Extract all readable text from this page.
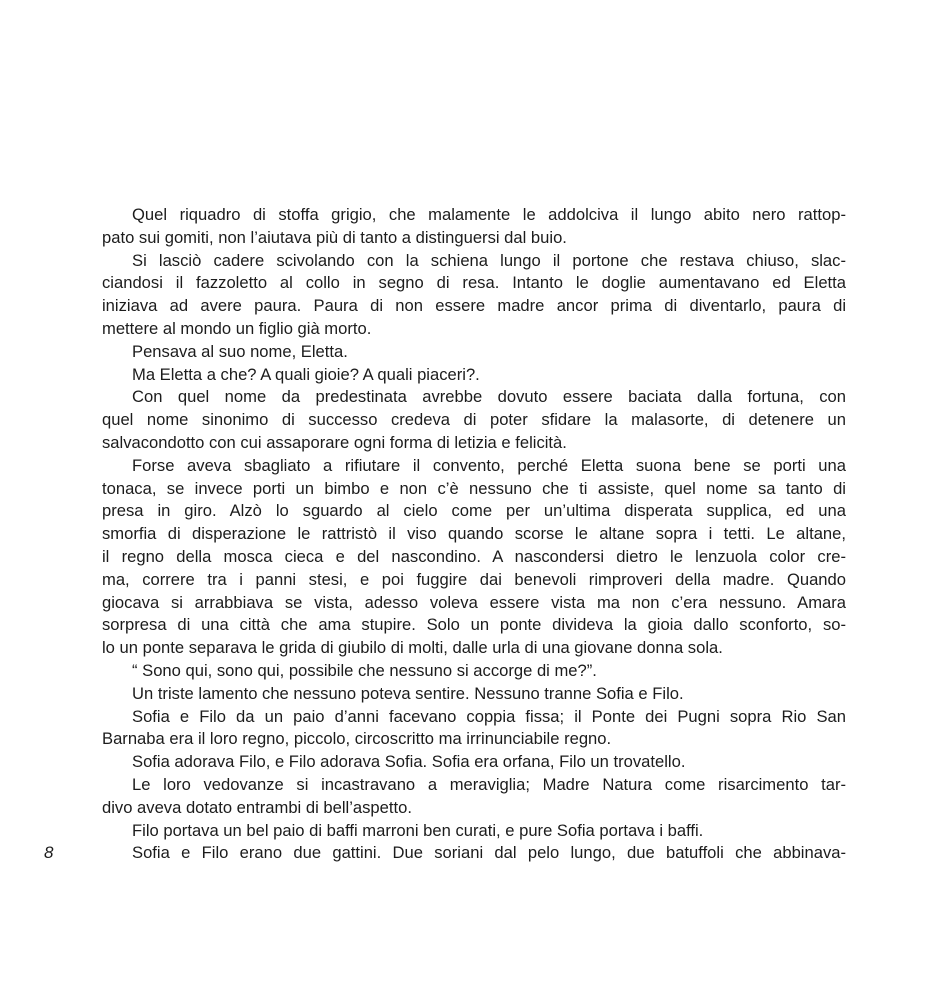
Quel riquadro di stoffa grigio, che malamente le addolciva il lungo abito nero rattop-
pato sui gomiti, non l’aiutava più di tanto a distinguersi dal buio.
Si lasciò cadere scivolando con la schiena lungo il portone che restava chiuso, slac-
ciandosi il fazzoletto al collo in segno di resa. Intanto le doglie aumentavano ed Eletta
iniziava ad avere paura. Paura di non essere madre ancor prima di diventarlo, paura di
mettere al mondo un figlio già morto.
Pensava al suo nome, Eletta.
Ma Eletta a che? A quali gioie? A quali piaceri?.
Con quel nome da predestinata avrebbe dovuto essere baciata dalla fortuna, con
quel nome sinonimo di successo credeva di poter sfidare la malasorte, di detenere un
salvacondotto con cui assaporare ogni forma di letizia e felicità.
Forse aveva sbagliato a rifiutare il convento, perché Eletta suona bene se porti una
tonaca, se invece porti un bimbo e non c’è nessuno che ti assiste, quel nome sa tanto di
presa in giro. Alzò lo sguardo al cielo come per un’ultima disperata supplica, ed una
smorfia di disperazione le rattristò il viso quando scorse le altane sopra i tetti. Le altane,
il regno della mosca cieca e del nascondino. A nascondersi dietro le lenzuola color cre-
ma, correre tra i panni stesi, e poi fuggire dai benevoli rimproveri della madre. Quando
giocava si arrabbiava se vista, adesso voleva essere vista ma non c’era nessuno. Amara
sorpresa di una città che ama stupire. Solo un ponte divideva la gioia dallo sconforto, so-
lo un ponte separava le grida di giubilo di molti, dalle urla di una giovane donna sola.
“ Sono qui, sono qui, possibile che nessuno si accorge di me?”.
Un triste lamento che nessuno poteva sentire. Nessuno tranne Sofia e Filo.
Sofia e Filo da un paio d’anni facevano coppia fissa; il Ponte dei Pugni sopra Rio San
Barnaba era il loro regno, piccolo, circoscritto ma irrinunciabile regno.
Sofia adorava Filo, e Filo adorava Sofia. Sofia era orfana, Filo un trovatello.
Le loro vedovanze si incastravano a meraviglia; Madre Natura come risarcimento tar-
divo aveva dotato entrambi di bell’aspetto.
Filo portava un bel paio di baffi marroni ben curati, e pure Sofia portava i baffi.
Sofia e Filo erano due gattini. Due soriani dal pelo lungo, due batuffoli che abbinava-
8
